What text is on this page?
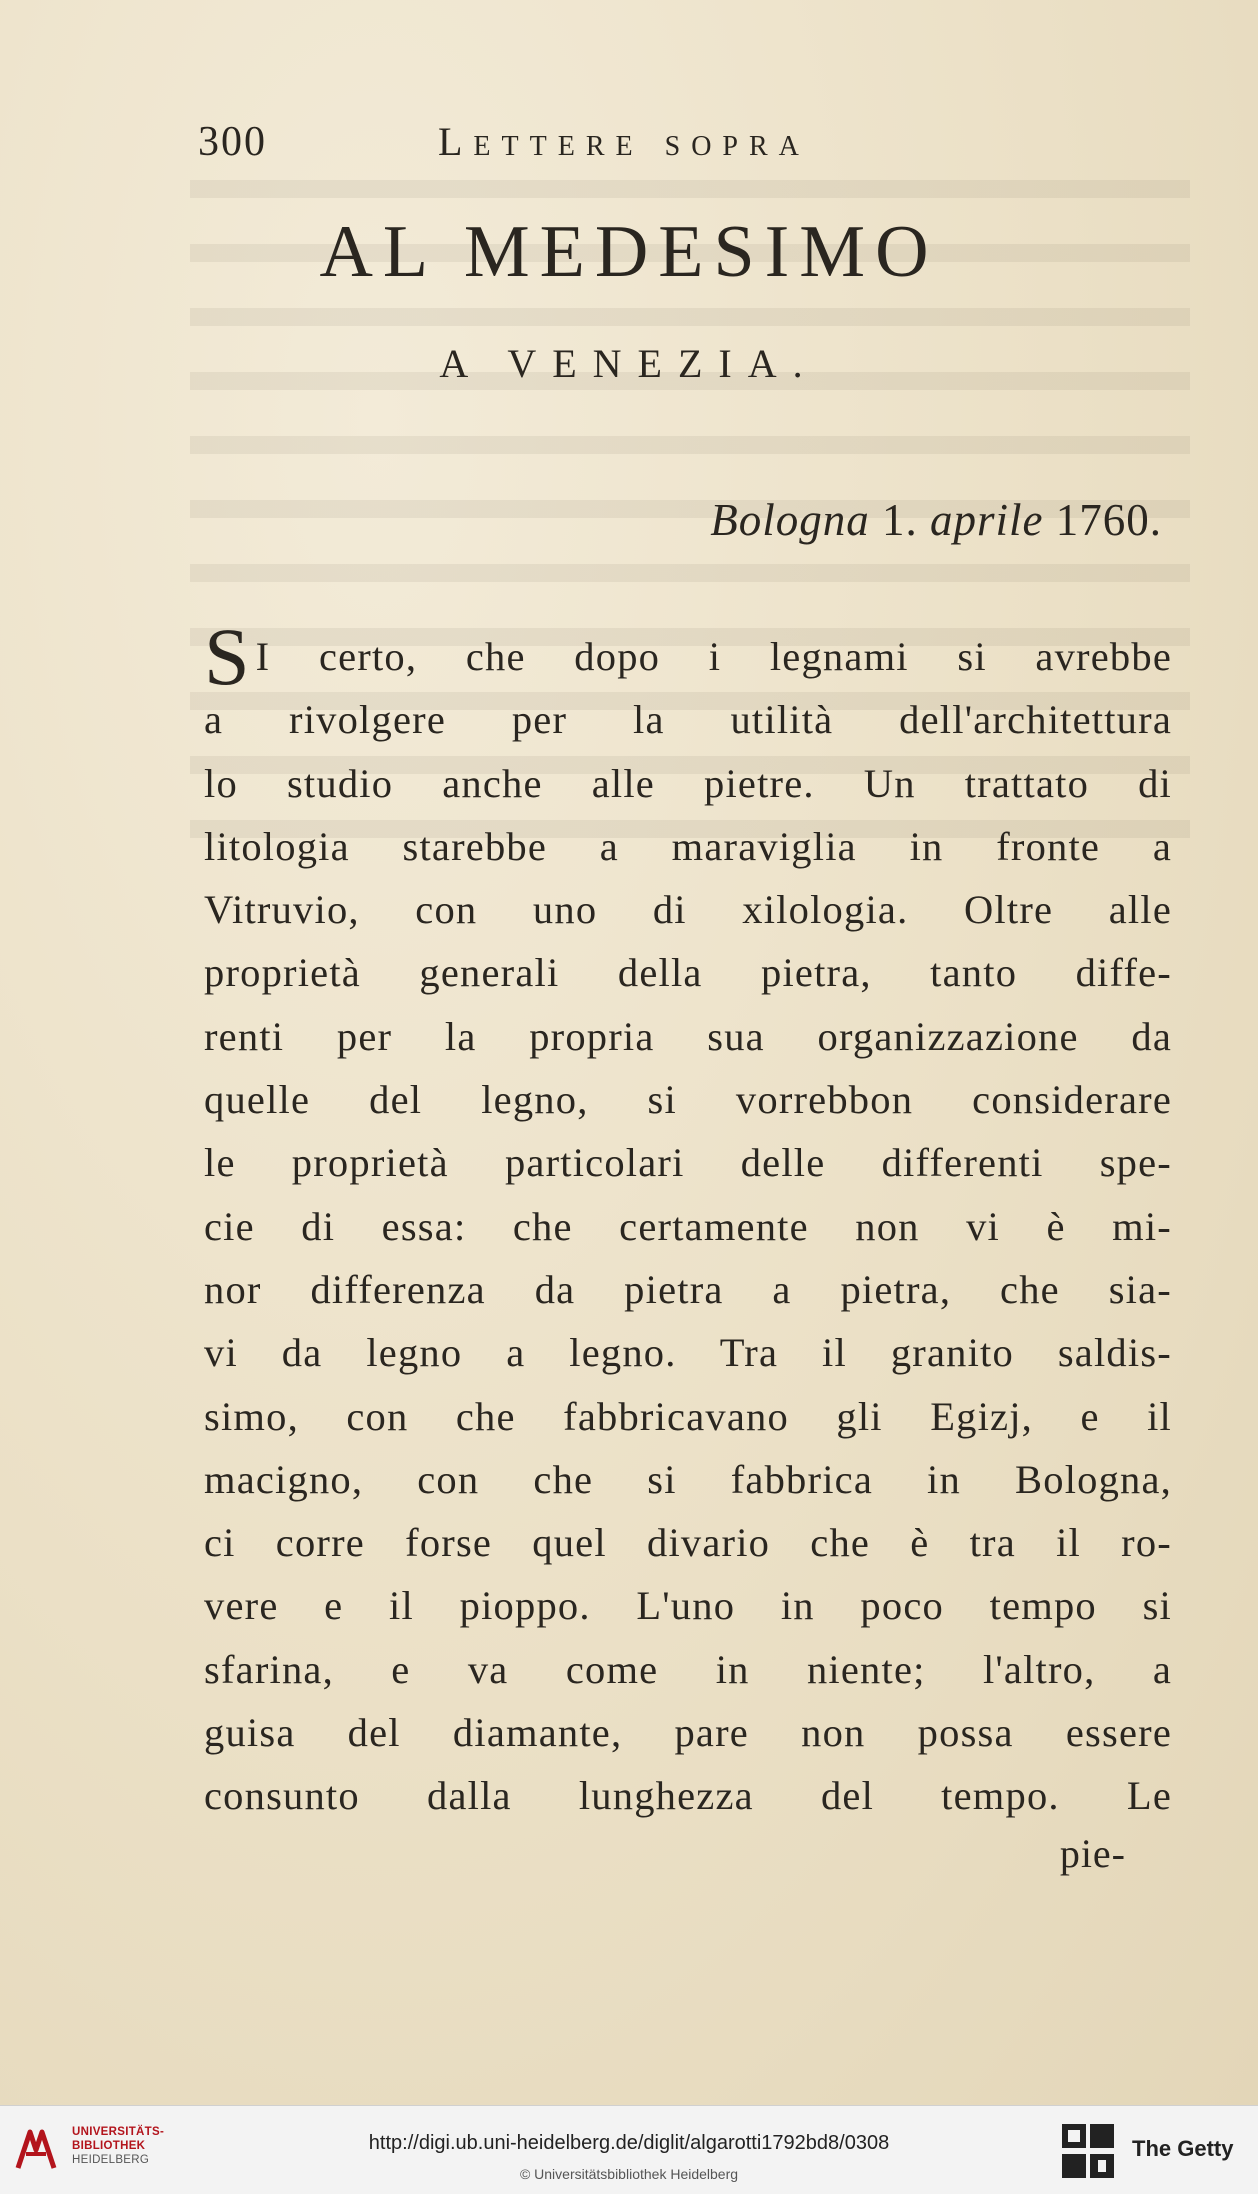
300	Lettere sopra
AL MEDESIMO
A VENEZIA.
Bologna 1. aprile 1760.
S I certo, che dopo i legnami si avrebbe
a rivolgere per la utilità dell'architettura
lo studio anche alle pietre. Un trattato di
litologia starebbe a maraviglia in fronte a
Vitruvio, con uno di xilologia. Oltre alle
proprietà generali della pietra, tanto diffe-
renti per la propria sua organizzazione da
quelle del legno, si vorrebbon considerare
le proprietà particolari delle differenti spe-
cie di essa: che certamente non vi è mi-
nor differenza da pietra a pietra, che sia-
vi da legno a legno. Tra il granito saldis-
simo, con che fabbricavano gli Egizj, e il
macigno, con che si fabbrica in Bologna,
ci corre forse quel divario che è tra il ro-
vere e il pioppo. L'uno in poco tempo si
sfarina, e va come in niente; l'altro, a
guisa del diamante, pare non possa essere
consunto dalla lunghezza del tempo. Le
pie-
UNIVERSITÄTS-
BIBLIOTHEK
HEIDELBERG
http://digi.ub.uni-heidelberg.de/diglit/algarotti1792bd8/0308
© Universitätsbibliothek Heidelberg
The Getty
